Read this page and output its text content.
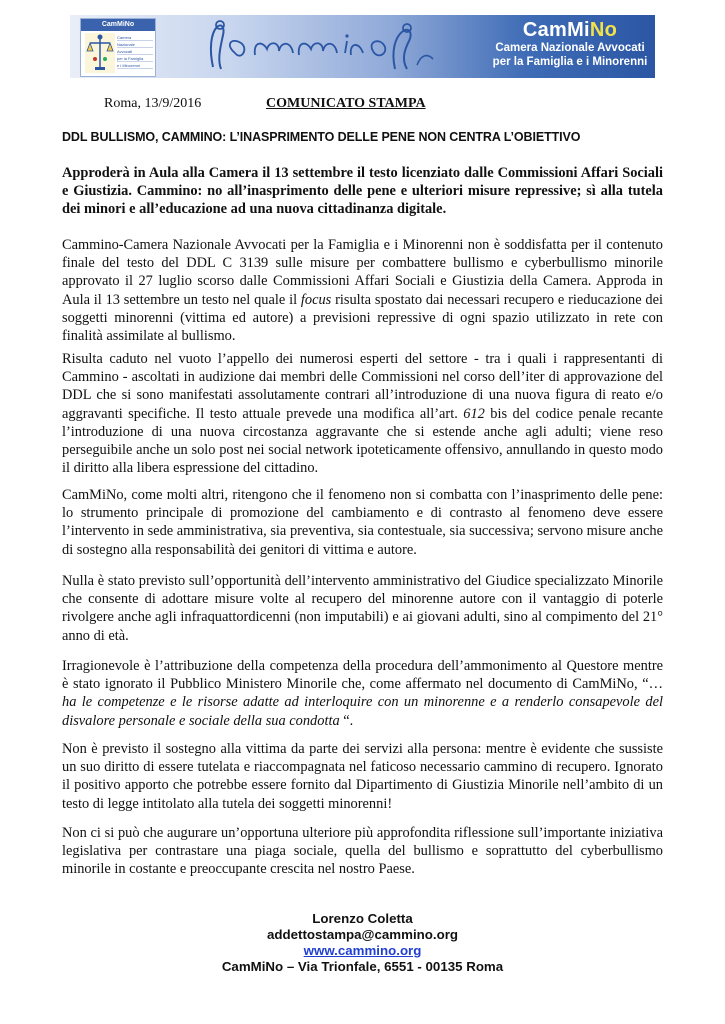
CamMiNo
Camera
Nazionale
Avvocati
per la Famiglia
e i Minorenni
CamMiNo
Camera Nazionale Avvocati
per la Famiglia e i Minorenni
Roma, 13/9/2016	COMUNICATO STAMPA
DDL BULLISMO, CAMMINO: L’INASPRIMENTO DELLE PENE NON CENTRA L’OBIETTIVO

Approderà in Aula alla Camera il 13 settembre il testo licenziato dalle Commissioni Affari Sociali e Giustizia. Cammino: no all’inasprimento delle pene e ulteriori misure repressive; sì alla tutela dei minori e all’educazione ad una nuova cittadinanza digitale.

Cammino-Camera Nazionale Avvocati per la Famiglia e i Minorenni non è soddisfatta per il contenuto finale del testo del DDL C 3139 sulle misure per combattere bullismo e cyberbullismo minorile approvato il 27 luglio scorso dalle Commissioni Affari Sociali e Giustizia della Camera. Approda in Aula il 13 settembre un testo nel quale il focus risulta spostato dai necessari recupero e rieducazione dei soggetti minorenni (vittima ed autore) a previsioni repressive di ogni spazio utilizzato in rete con finalità assimilate al bullismo.

Risulta caduto nel vuoto l’appello dei numerosi esperti del settore - tra i quali i rappresentanti di Cammino - ascoltati in audizione dai membri delle Commissioni nel corso dell’iter di approvazione del DDL che si sono manifestati assolutamente contrari all’introduzione di una nuova figura di reato e/o aggravanti specifiche. Il testo attuale prevede una modifica all’art. 612 bis del codice penale recante l’introduzione di una nuova circostanza aggravante che si estende anche agli adulti; viene reso perseguibile anche un solo post nei social network ipoteticamente offensivo, annullando in questo modo il diritto alla libera espressione del cittadino.

CamMiNo, come molti altri, ritengono che il fenomeno non si combatta con l’inasprimento delle pene: lo strumento principale di promozione del cambiamento e di contrasto al fenomeno deve essere l’intervento in sede amministrativa, sia preventiva, sia contestuale, sia successiva; servono misure anche di sostegno alla responsabilità dei genitori di vittima e autore.

Nulla è stato previsto sull’opportunità dell’intervento amministrativo del Giudice specializzato Minorile che consente di adottare misure volte al recupero del minorenne autore con il vantaggio di poterle rivolgere anche agli infraquattordicenni (non imputabili) e ai giovani adulti, sino al compimento del 21° anno di età.

Irragionevole è l’attribuzione della competenza della procedura dell’ammonimento al Questore mentre è stato ignorato il Pubblico Ministero Minorile che, come affermato nel documento di CamMiNo, “… ha le competenze e le risorse adatte ad interloquire con un minorenne e a renderlo consapevole del disvalore personale e sociale della sua condotta “.

Non è previsto il sostegno alla vittima da parte dei servizi alla persona: mentre è evidente che sussiste un suo diritto di essere tutelata e riaccompagnata nel faticoso necessario cammino di recupero. Ignorato il positivo apporto che potrebbe essere fornito dal Dipartimento di Giustizia Minorile nell’ambito di un testo di legge intitolato alla tutela dei soggetti minorenni!

Non ci si può che augurare un’opportuna ulteriore più approfondita riflessione sull’importante iniziativa legislativa per contrastare una piaga sociale, quella del bullismo e soprattutto del cyberbullismo minorile in costante e preoccupante crescita nel nostro Paese.

Lorenzo Coletta
addettostampa@cammino.org
www.cammino.org
CamMiNo – Via Trionfale, 6551 - 00135 Roma
